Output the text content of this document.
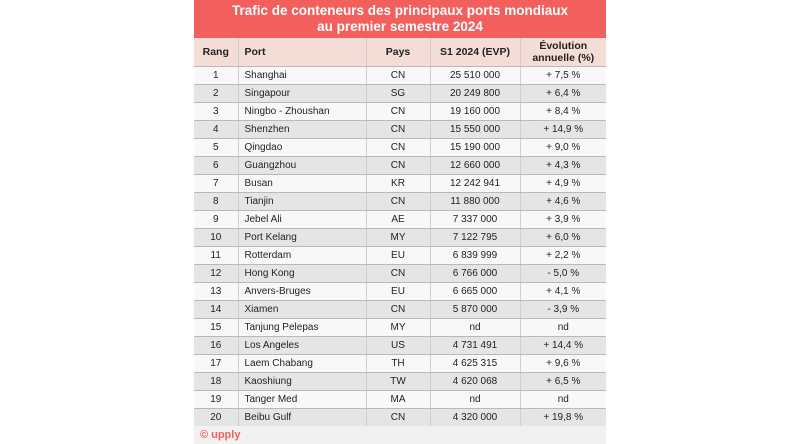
Trafic de conteneurs des principaux ports mondiaux
au premier semestre 2024
Rang	Port	Pays	S1 2024 (EVP)	Évolution
annuelle (%)
1	Shanghai	CN	25 510 000	+ 7,5 %
2	Singapour	SG	20 249 800	+ 6,4 %
3	Ningbo - Zhoushan	CN	19 160 000	+ 8,4 %
4	Shenzhen	CN	15 550 000	+ 14,9 %
5	Qingdao	CN	15 190 000	+ 9,0 %
6	Guangzhou	CN	12 660 000	+ 4,3 %
7	Busan	KR	12 242 941	+ 4,9 %
8	Tianjin	CN	11 880 000	+ 4,6 %
9	Jebel Ali	AE	7 337 000	+ 3,9 %
10	Port Kelang	MY	7 122 795	+ 6,0 %
11	Rotterdam	EU	6 839 999	+ 2,2 %
12	Hong Kong	CN	6 766 000	- 5,0 %
13	Anvers-Bruges	EU	6 665 000	+ 4,1 %
14	Xiamen	CN	5 870 000	- 3,9 %
15	Tanjung Pelepas	MY	nd	nd
16	Los Angeles	US	4 731 491	+ 14,4 %
17	Laem Chabang	TH	4 625 315	+ 9,6 %
18	Kaoshiung	TW	4 620 068	+ 6,5 %
19	Tanger Med	MA	nd	nd
20	Beibu Gulf	CN	4 320 000	+ 19,8 %
© upply
